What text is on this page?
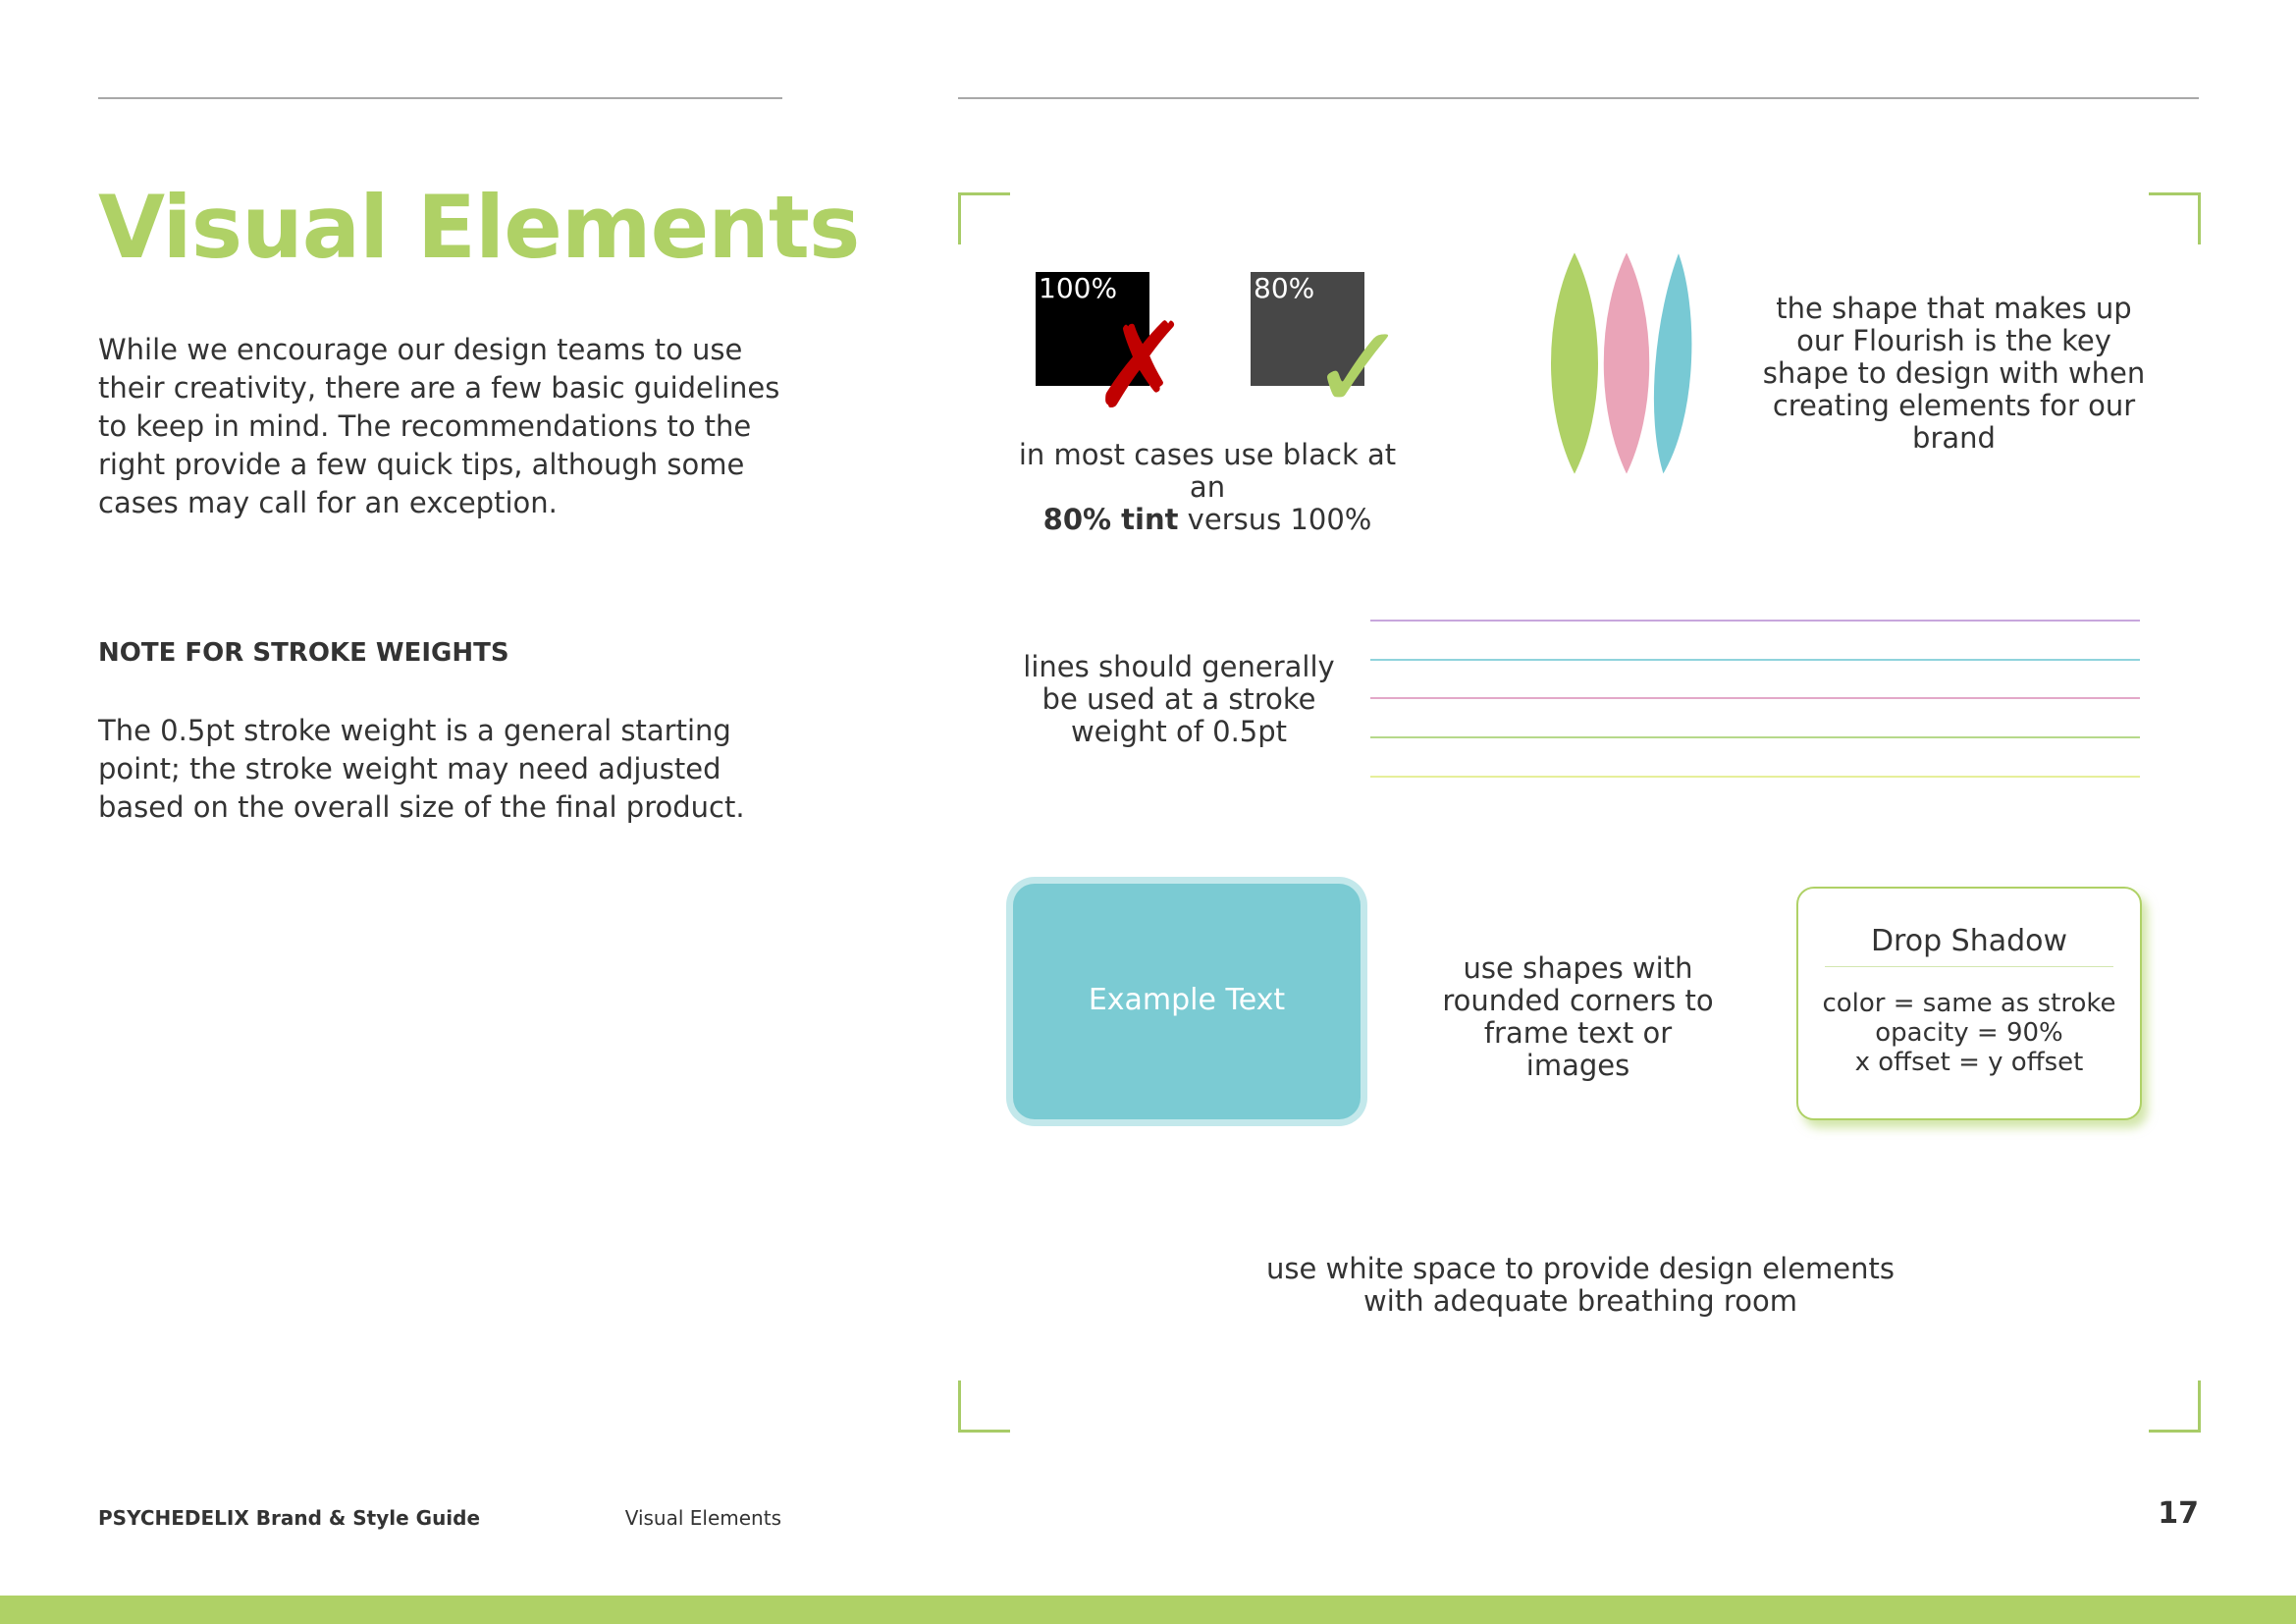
Visual Elements
While we encourage our design teams to use their creativity, there are a few basic guidelines to keep in mind. The recommendations to the right provide a few quick tips, although some cases may call for an exception.
NOTE FOR STROKE WEIGHTS
The 0.5pt stroke weight is a general starting point; the stroke weight may need adjusted based on the overall size of the final product.
100%
✗
80%
✓
in most cases use black at an
80% tint versus 100%
the shape that makes up our Flourish is the key shape to design with when creating elements for our brand
lines should generally be used at a stroke weight of 0.5pt
Example Text
use shapes with rounded corners to frame text or images
Drop Shadow
color = same as stroke
opacity = 90%
x offset = y offset
use white space to provide design elements with adequate breathing room
PSYCHEDELIX Brand & Style Guide	Visual Elements	17
